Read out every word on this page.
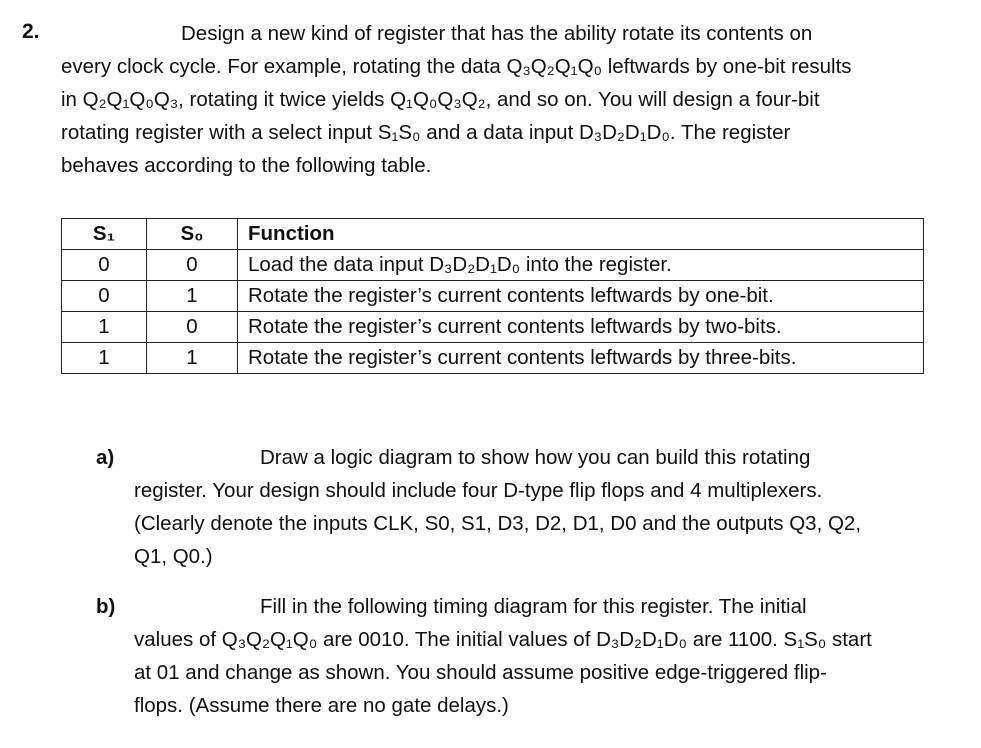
2.	Design a new kind of register that has the ability rotate its contents on
every clock cycle. For example, rotating the data Q₃Q₂Q₁Q₀ leftwards by one-bit results
in Q₂Q₁Q₀Q₃, rotating it twice yields Q₁Q₀Q₃Q₂, and so on. You will design a four-bit
rotating register with a select input S₁S₀ and a data input D₃D₂D₁D₀. The register
behaves according to the following table.
S₁	S₀	Function
0	0	Load the data input D₃D₂D₁D₀ into the register.
0	1	Rotate the register’s current contents leftwards by one-bit.
1	0	Rotate the register’s current contents leftwards by two-bits.
1	1	Rotate the register’s current contents leftwards by three-bits.
a)	Draw a logic diagram to show how you can build this rotating
register. Your design should include four D-type flip flops and 4 multiplexers.
(Clearly denote the inputs CLK, S0, S1, D3, D2, D1, D0 and the outputs Q3, Q2,
Q1, Q0.)
b)	Fill in the following timing diagram for this register. The initial
values of Q₃Q₂Q₁Q₀ are 0010. The initial values of D₃D₂D₁D₀ are 1100. S₁S₀ start
at 01 and change as shown. You should assume positive edge-triggered flip-
flops. (Assume there are no gate delays.)
